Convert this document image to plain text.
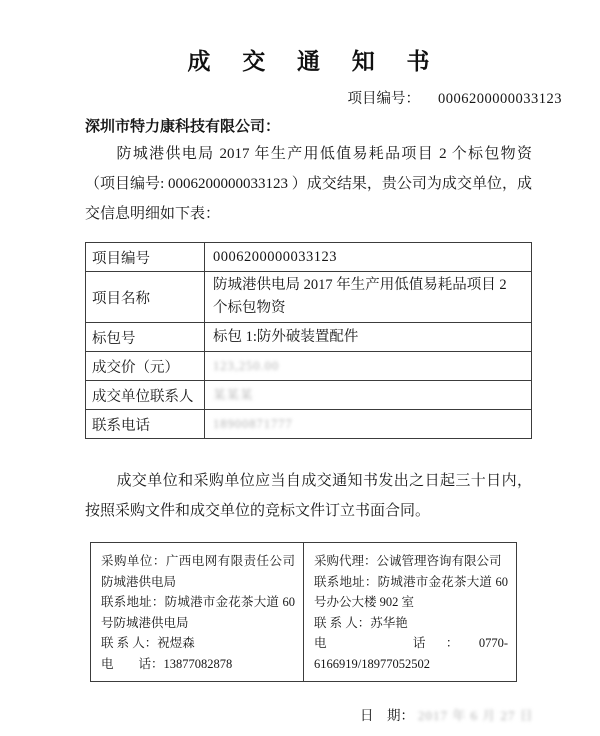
成 交 通 知 书
项目编号： 0006200000033123
深圳市特力康科技有限公司：
防城港供电局 2017 年生产用低值易耗品项目 2 个标包物资 （项目编号: 0006200000033123 ）成交结果，贵公司为成交单位，成交信息明细如下表：
项目编号	0006200000033123
项目名称	防城港供电局 2017 年生产用低值易耗品项目 2 个标包物资
标包号	标包 1:防外破装置配件
成交价（元）	123,250.00
成交单位联系人	某某某
联系电话	18900871777
成交单位和采购单位应当自成交通知书发出之日起三十日内，按照采购文件和成交单位的竞标文件订立书面合同。
采购单位：广西电网有限责任公司防城港供电局
联系地址：防城港市金花茶大道 60 号防城港供电局
联 系 人：祝煜森
电　　话：13877082878

采购代理：公诚管理咨询有限公司
联系地址：防城港市金花茶大道 60 号办公大楼 902 室
联 系 人：苏华艳
电　　话：0770-6166919/18977052502
日　期： 2017 年 6 月 27 日
